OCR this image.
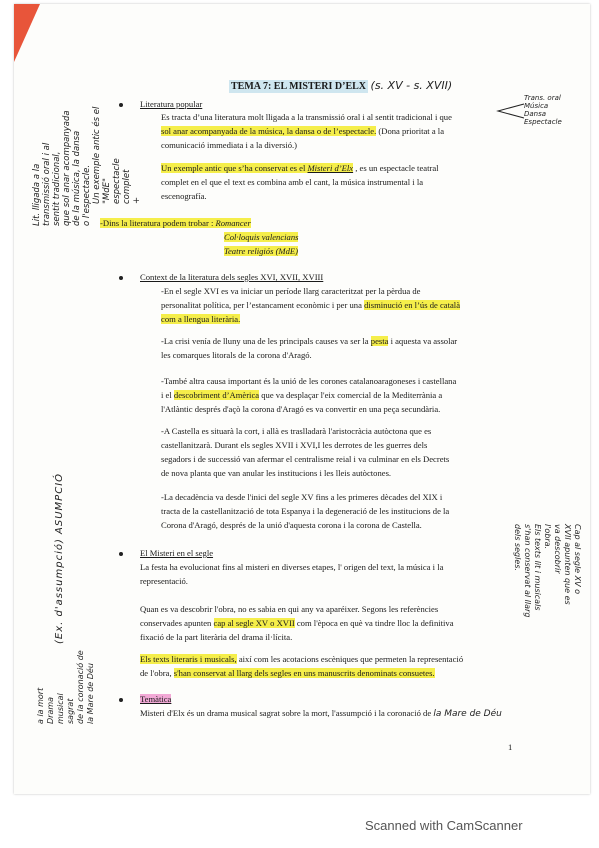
TEMA 7: EL MISTERI D’ELX (s. XV - s. XVII)
Literatura popular
Es tracta d’una literatura molt lligada a la transmissió oral i al sentit tradicional i que
sol anar acompanyada de la música, la dansa o de l’espectacle. (Dona prioritat a la
comunicació immediata i a la diversió.)
Un exemple antic que s’ha conservat es el Misteri d’Elx , es un espectacle teatral
complet en el que el text es combina amb el cant, la música instrumental i la
escenografía.
-Dins la literatura podem trobar : Romancer
Col·loquis valencians
Teatre religiós (MdE)
Context de la literatura dels segles XVI, XVII, XVIII
-En el segle XVI es va iniciar un període llarg caracteritzat per la pèrdua de
personalitat política, per l’estancament econòmic i per una disminució en l’ús de català
com a llengua literària.
-La crisi venía de lluny una de les principals causes va ser la pesta i aquesta va assolar
les comarques litorals de la corona d'Aragó.
-També altra causa important és la unió de les corones catalanoaragoneses i castellana
i el descobriment d’Amèrica que va desplaçar l'eix comercial de la Mediterrània a
l'Atlàntic després d'açò la corona d'Aragó es va convertir en una peça secundària.
-A Castella es situarà la cort, i allà es traslladarà l'aristocràcia autòctona que es
castellanitzarà. Durant els segles XVII i XVI,I les derrotes de les guerres dels
segadors i de successió van afermar el centralisme reial i va culminar en els Decrets
de nova planta que van anular les institucions i les lleis autòctones.
-La decadència va desde l'inici del segle XV fins a les primeres dècades del XIX i
tracta de la castellanització de tota Espanya i la degeneració de les institucions de la
Corona d'Aragó, després de la unió d'aquesta corona i la corona de Castella.
El Misteri en el segle
La festa ha evolucionat fins al misteri en diverses etapes, l' origen del text, la música i la
representació.
Quan es va descobrir l'obra, no es sabia en qui any va aparéixer. Segons les referències
conservades apunten cap al segle XV o XVII com l'època en què va tindre lloc la definitiva
fixació de la part literària del drama il·lícita.
Els texts literaris i musicals, així com les acotacions escèniques que permeten la representació
de l'obra, s'han conservat al llarg dels segles en uns manuscrits denominats consuetes.
Temàtica
Misteri d'Elx és un drama musical sagrat sobre la mort, l'assumpció i la coronació de la Mare de Déu
1
Lit. lligada a la transmissió oral i al sentit tradicional, que sol anar acompanyada de la música, la dansa o l'espectacle. Un exemple antic és el "MdE" espectacle complet +
Trans. oral
Música
Dansa
Espectacle
(Ex. d'assumpció) ASUMPCIÓ
a la mort Drama musical sagrat de la coronació de la Mare de Déu
Cap al segle XV o
XVII apunten que es
va descobrir
l'obra.
Els texts lit i musicals
s'han conservat al llarg
dels segles.
Scanned with CamScanner
